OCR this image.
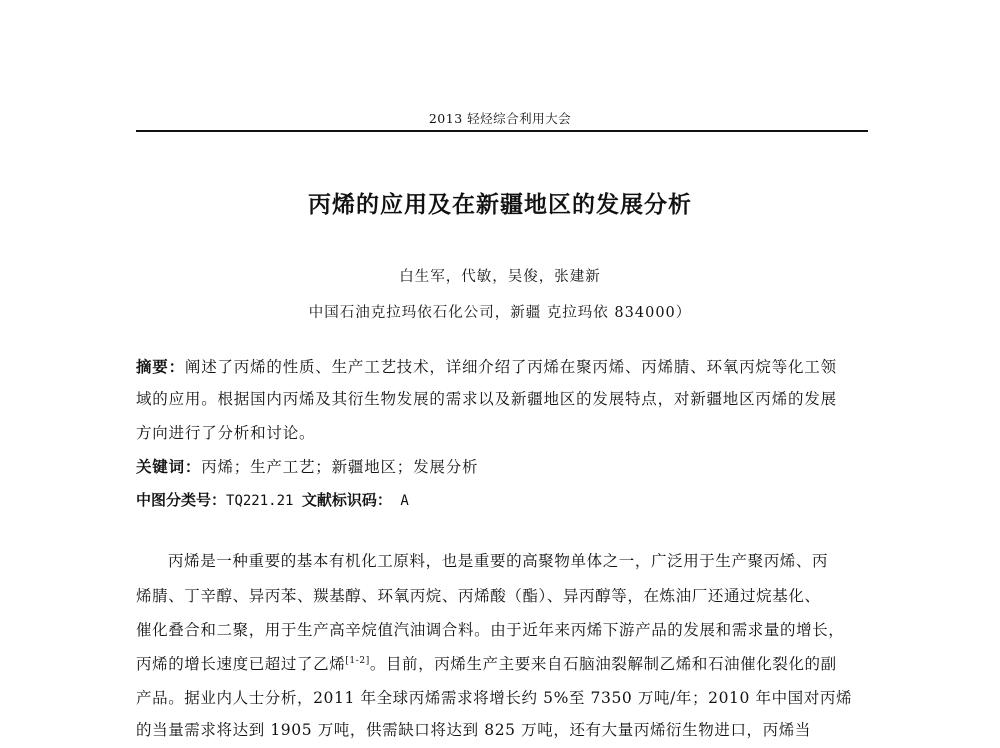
2013 轻烃综合利用大会
丙烯的应用及在新疆地区的发展分析
白生军，代敏，吴俊，张建新
中国石油克拉玛依石化公司，新疆 克拉玛依 834000）
摘要：阐述了丙烯的性质、生产工艺技术，详细介绍了丙烯在聚丙烯、丙烯腈、环氧丙烷等化工领
域的应用。根据国内丙烯及其衍生物发展的需求以及新疆地区的发展特点，对新疆地区丙烯的发展
方向进行了分析和讨论。
关键词：丙烯；生产工艺；新疆地区；发展分析
中图分类号：TQ221.21 文献标识码： A
丙烯是一种重要的基本有机化工原料，也是重要的高聚物单体之一，广泛用于生产聚丙烯、丙
烯腈、丁辛醇、异丙苯、羰基醇、环氧丙烷、丙烯酸（酯）、异丙醇等，在炼油厂还通过烷基化、
催化叠合和二聚，用于生产高辛烷值汽油调合料。由于近年来丙烯下游产品的发展和需求量的增长，
丙烯的增长速度已超过了乙烯[1-2]。目前，丙烯生产主要来自石脑油裂解制乙烯和石油催化裂化的副
产品。据业内人士分析，2011 年全球丙烯需求将增长约 5%至 7350 万吨/年；2010 年中国对丙烯
的当量需求将达到 1905 万吨，供需缺口将达到 825 万吨，还有大量丙烯衍生物进口，丙烯当
